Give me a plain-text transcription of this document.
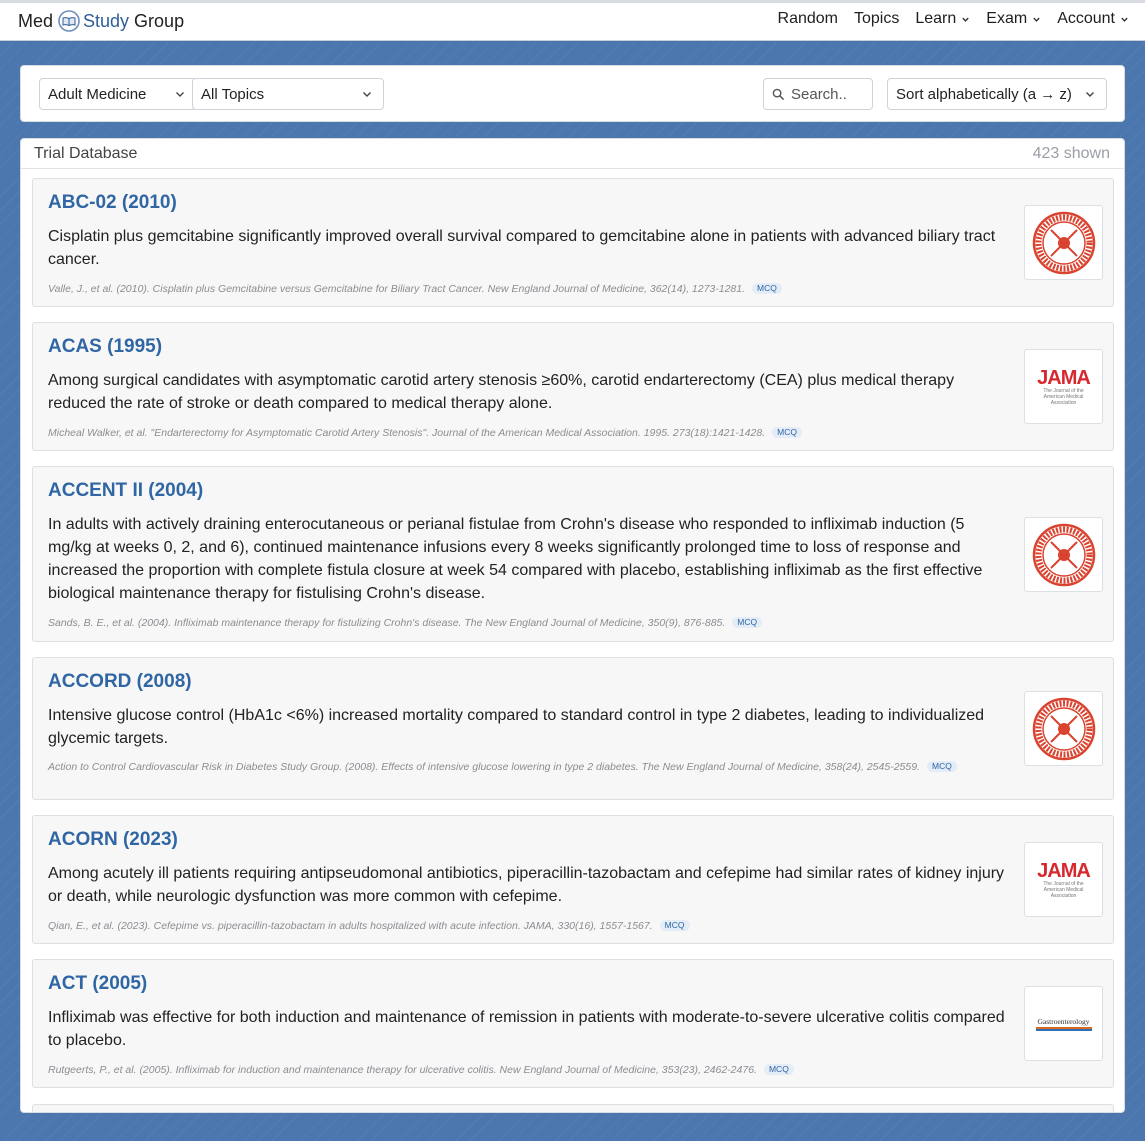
Med Study Group	Random Topics Learn Exam Account
Adult Medicine	All Topics
Search..	Sort alphabetically (a → z)
Trial Database	423 shown
ABC-02 (2010)
Cisplatin plus gemcitabine significantly improved overall survival compared to gemcitabine alone in patients with advanced biliary tract cancer.
Valle, J., et al. (2010). Cisplatin plus Gemcitabine versus Gemcitabine for Biliary Tract Cancer. New England Journal of Medicine, 362(14), 1273-1281. MCQ
ACAS (1995)
Among surgical candidates with asymptomatic carotid artery stenosis ≥60%, carotid endarterectomy (CEA) plus medical therapy reduced the rate of stroke or death compared to medical therapy alone.
Micheal Walker, et al. "Endarterectomy for Asymptomatic Carotid Artery Stenosis". Journal of the American Medical Association. 1995. 273(18):1421-1428. MCQ
JAMA
The Journal of the American Medical Association
ACCENT II (2004)
In adults with actively draining enterocutaneous or perianal fistulae from Crohn's disease who responded to infliximab induction (5 mg/kg at weeks 0, 2, and 6), continued maintenance infusions every 8 weeks significantly prolonged time to loss of response and increased the proportion with complete fistula closure at week 54 compared with placebo, establishing infliximab as the first effective biological maintenance therapy for fistulising Crohn's disease.
Sands, B. E., et al. (2004). Infliximab maintenance therapy for fistulizing Crohn's disease. The New England Journal of Medicine, 350(9), 876-885. MCQ
ACCORD (2008)
Intensive glucose control (HbA1c <6%) increased mortality compared to standard control in type 2 diabetes, leading to individualized glycemic targets.
Action to Control Cardiovascular Risk in Diabetes Study Group. (2008). Effects of intensive glucose lowering in type 2 diabetes. The New England Journal of Medicine, 358(24), 2545-2559. MCQ
ACORN (2023)
Among acutely ill patients requiring antipseudomonal antibiotics, piperacillin-tazobactam and cefepime had similar rates of kidney injury or death, while neurologic dysfunction was more common with cefepime.
Qian, E., et al. (2023). Cefepime vs. piperacillin-tazobactam in adults hospitalized with acute infection. JAMA, 330(16), 1557-1567. MCQ
JAMA
The Journal of the American Medical Association
ACT (2005)
Infliximab was effective for both induction and maintenance of remission in patients with moderate-to-severe ulcerative colitis compared to placebo.
Rutgeerts, P., et al. (2005). Infliximab for induction and maintenance therapy for ulcerative colitis. New England Journal of Medicine, 353(23), 2462-2476. MCQ
Gastroenterology
